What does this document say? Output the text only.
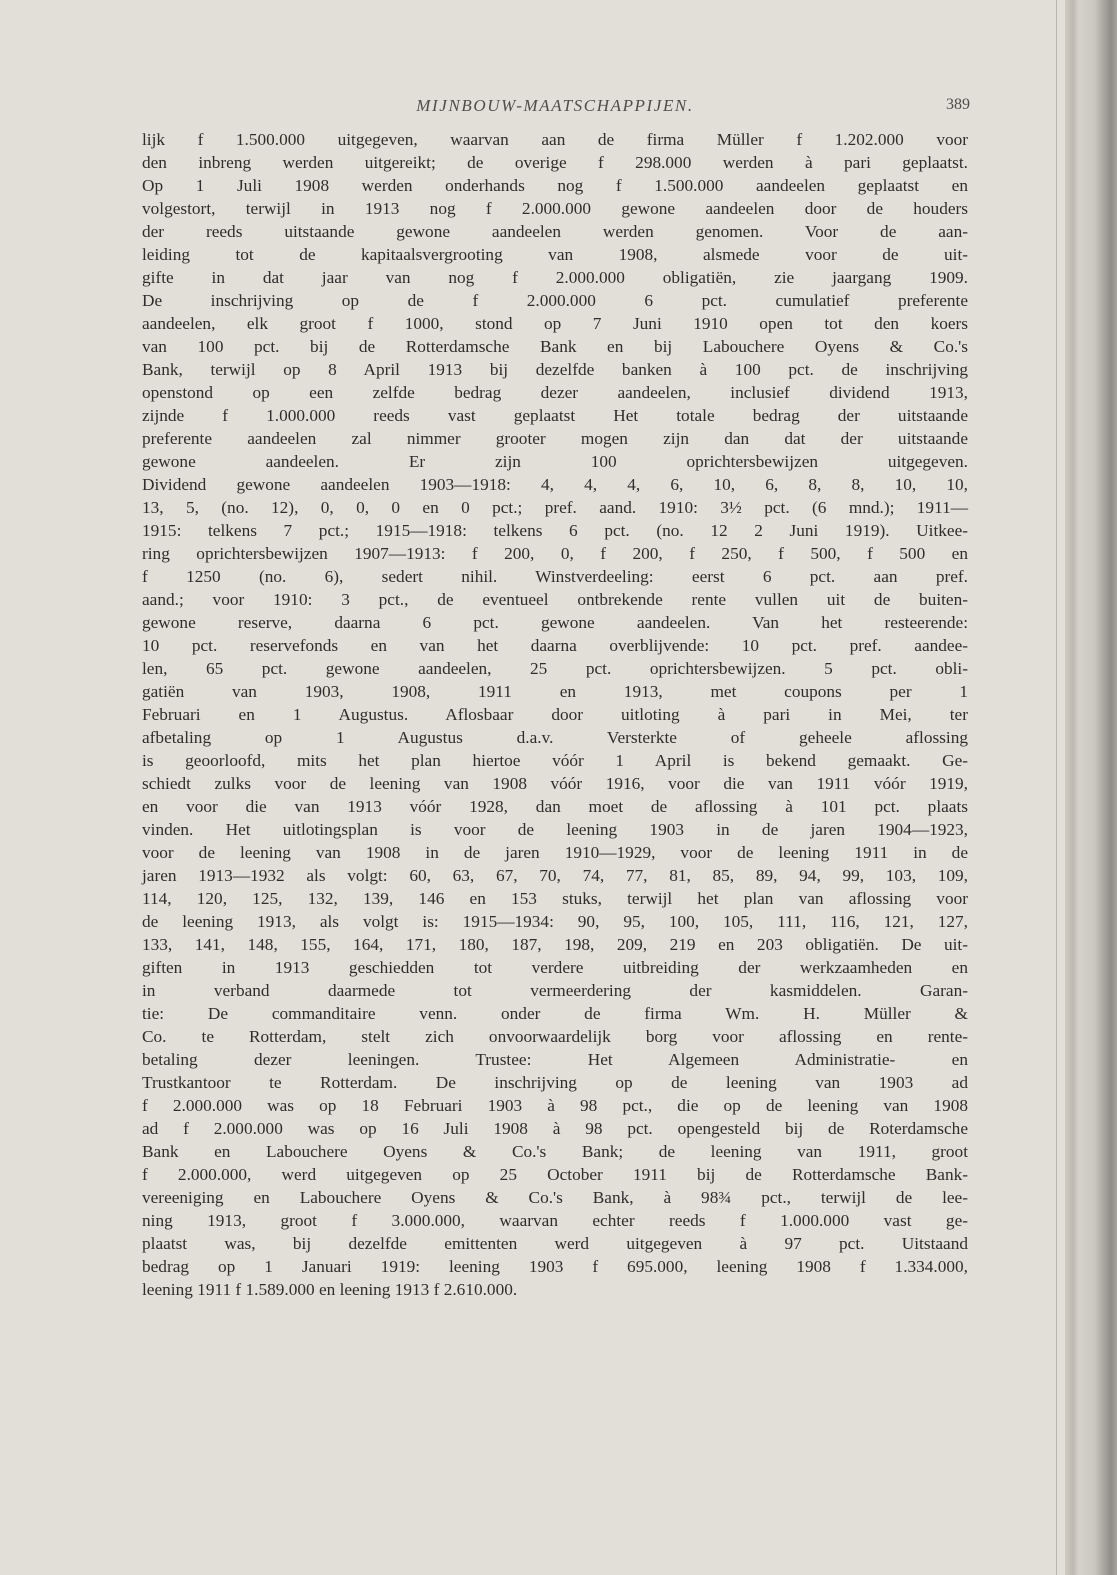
MIJNBOUW-MAATSCHAPPIJEN.	389
lijk f 1.500.000 uitgegeven, waarvan aan de firma Müller f 1.202.000 voor
den inbreng werden uitgereikt; de overige f 298.000 werden à pari geplaatst.
Op 1 Juli 1908 werden onderhands nog f 1.500.000 aandeelen geplaatst en
volgestort, terwijl in 1913 nog f 2.000.000 gewone aandeelen door de houders
der reeds uitstaande gewone aandeelen werden genomen. Voor de aan-
leiding tot de kapitaalsvergrooting van 1908, alsmede voor de uit-
gifte in dat jaar van nog f 2.000.000 obligatiën, zie jaargang 1909.
De inschrijving op de f 2.000.000 6 pct. cumulatief preferente
aandeelen, elk groot f 1000, stond op 7 Juni 1910 open tot den koers
van 100 pct. bij de Rotterdamsche Bank en bij Labouchere Oyens & Co.'s
Bank, terwijl op 8 April 1913 bij dezelfde banken à 100 pct. de inschrijving
openstond op een zelfde bedrag dezer aandeelen, inclusief dividend 1913,
zijnde f 1.000.000 reeds vast geplaatst Het totale bedrag der uitstaande
preferente aandeelen zal nimmer grooter mogen zijn dan dat der uitstaande
gewone aandeelen. Er zijn 100 oprichtersbewijzen uitgegeven.
Dividend gewone aandeelen 1903—1918: 4, 4, 4, 6, 10, 6, 8, 8, 10, 10,
13, 5, (no. 12), 0, 0, 0 en 0 pct.; pref. aand. 1910: 3½ pct. (6 mnd.); 1911—
1915: telkens 7 pct.; 1915—1918: telkens 6 pct. (no. 12 2 Juni 1919). Uitkee-
ring oprichtersbewijzen 1907—1913: f 200, 0, f 200, f 250, f 500, f 500 en
f 1250 (no. 6), sedert nihil. Winstverdeeling: eerst 6 pct. aan pref.
aand.; voor 1910: 3 pct., de eventueel ontbrekende rente vullen uit de buiten-
gewone reserve, daarna 6 pct. gewone aandeelen. Van het resteerende:
10 pct. reservefonds en van het daarna overblijvende: 10 pct. pref. aandee-
len, 65 pct. gewone aandeelen, 25 pct. oprichtersbewijzen. 5 pct. obli-
gatiën van 1903, 1908, 1911 en 1913, met coupons per 1
Februari en 1 Augustus. Aflosbaar door uitloting à pari in Mei, ter
afbetaling op 1 Augustus d.a.v. Versterkte of geheele aflossing
is geoorloofd, mits het plan hiertoe vóór 1 April is bekend gemaakt. Ge-
schiedt zulks voor de leening van 1908 vóór 1916, voor die van 1911 vóór 1919,
en voor die van 1913 vóór 1928, dan moet de aflossing à 101 pct. plaats
vinden. Het uitlotingsplan is voor de leening 1903 in de jaren 1904—1923,
voor de leening van 1908 in de jaren 1910—1929, voor de leening 1911 in de
jaren 1913—1932 als volgt: 60, 63, 67, 70, 74, 77, 81, 85, 89, 94, 99, 103, 109,
114, 120, 125, 132, 139, 146 en 153 stuks, terwijl het plan van aflossing voor
de leening 1913, als volgt is: 1915—1934: 90, 95, 100, 105, 111, 116, 121, 127,
133, 141, 148, 155, 164, 171, 180, 187, 198, 209, 219 en 203 obligatiën. De uit-
giften in 1913 geschiedden tot verdere uitbreiding der werkzaamheden en
in verband daarmede tot vermeerdering der kasmiddelen. Garan-
tie: De commanditaire venn. onder de firma Wm. H. Müller &
Co. te Rotterdam, stelt zich onvoorwaardelijk borg voor aflossing en rente-
betaling dezer leeningen. Trustee: Het Algemeen Administratie- en
Trustkantoor te Rotterdam. De inschrijving op de leening van 1903 ad
f 2.000.000 was op 18 Februari 1903 à 98 pct., die op de leening van 1908
ad f 2.000.000 was op 16 Juli 1908 à 98 pct. opengesteld bij de Roterdamsche
Bank en Labouchere Oyens & Co.'s Bank; de leening van 1911, groot
f 2.000.000, werd uitgegeven op 25 October 1911 bij de Rotterdamsche Bank-
vereeniging en Labouchere Oyens & Co.'s Bank, à 98¾ pct., terwijl de lee-
ning 1913, groot f 3.000.000, waarvan echter reeds f 1.000.000 vast ge-
plaatst was, bij dezelfde emittenten werd uitgegeven à 97 pct. Uitstaand
bedrag op 1 Januari 1919: leening 1903 f 695.000, leening 1908 f 1.334.000,
leening 1911 f 1.589.000 en leening 1913 f 2.610.000.
